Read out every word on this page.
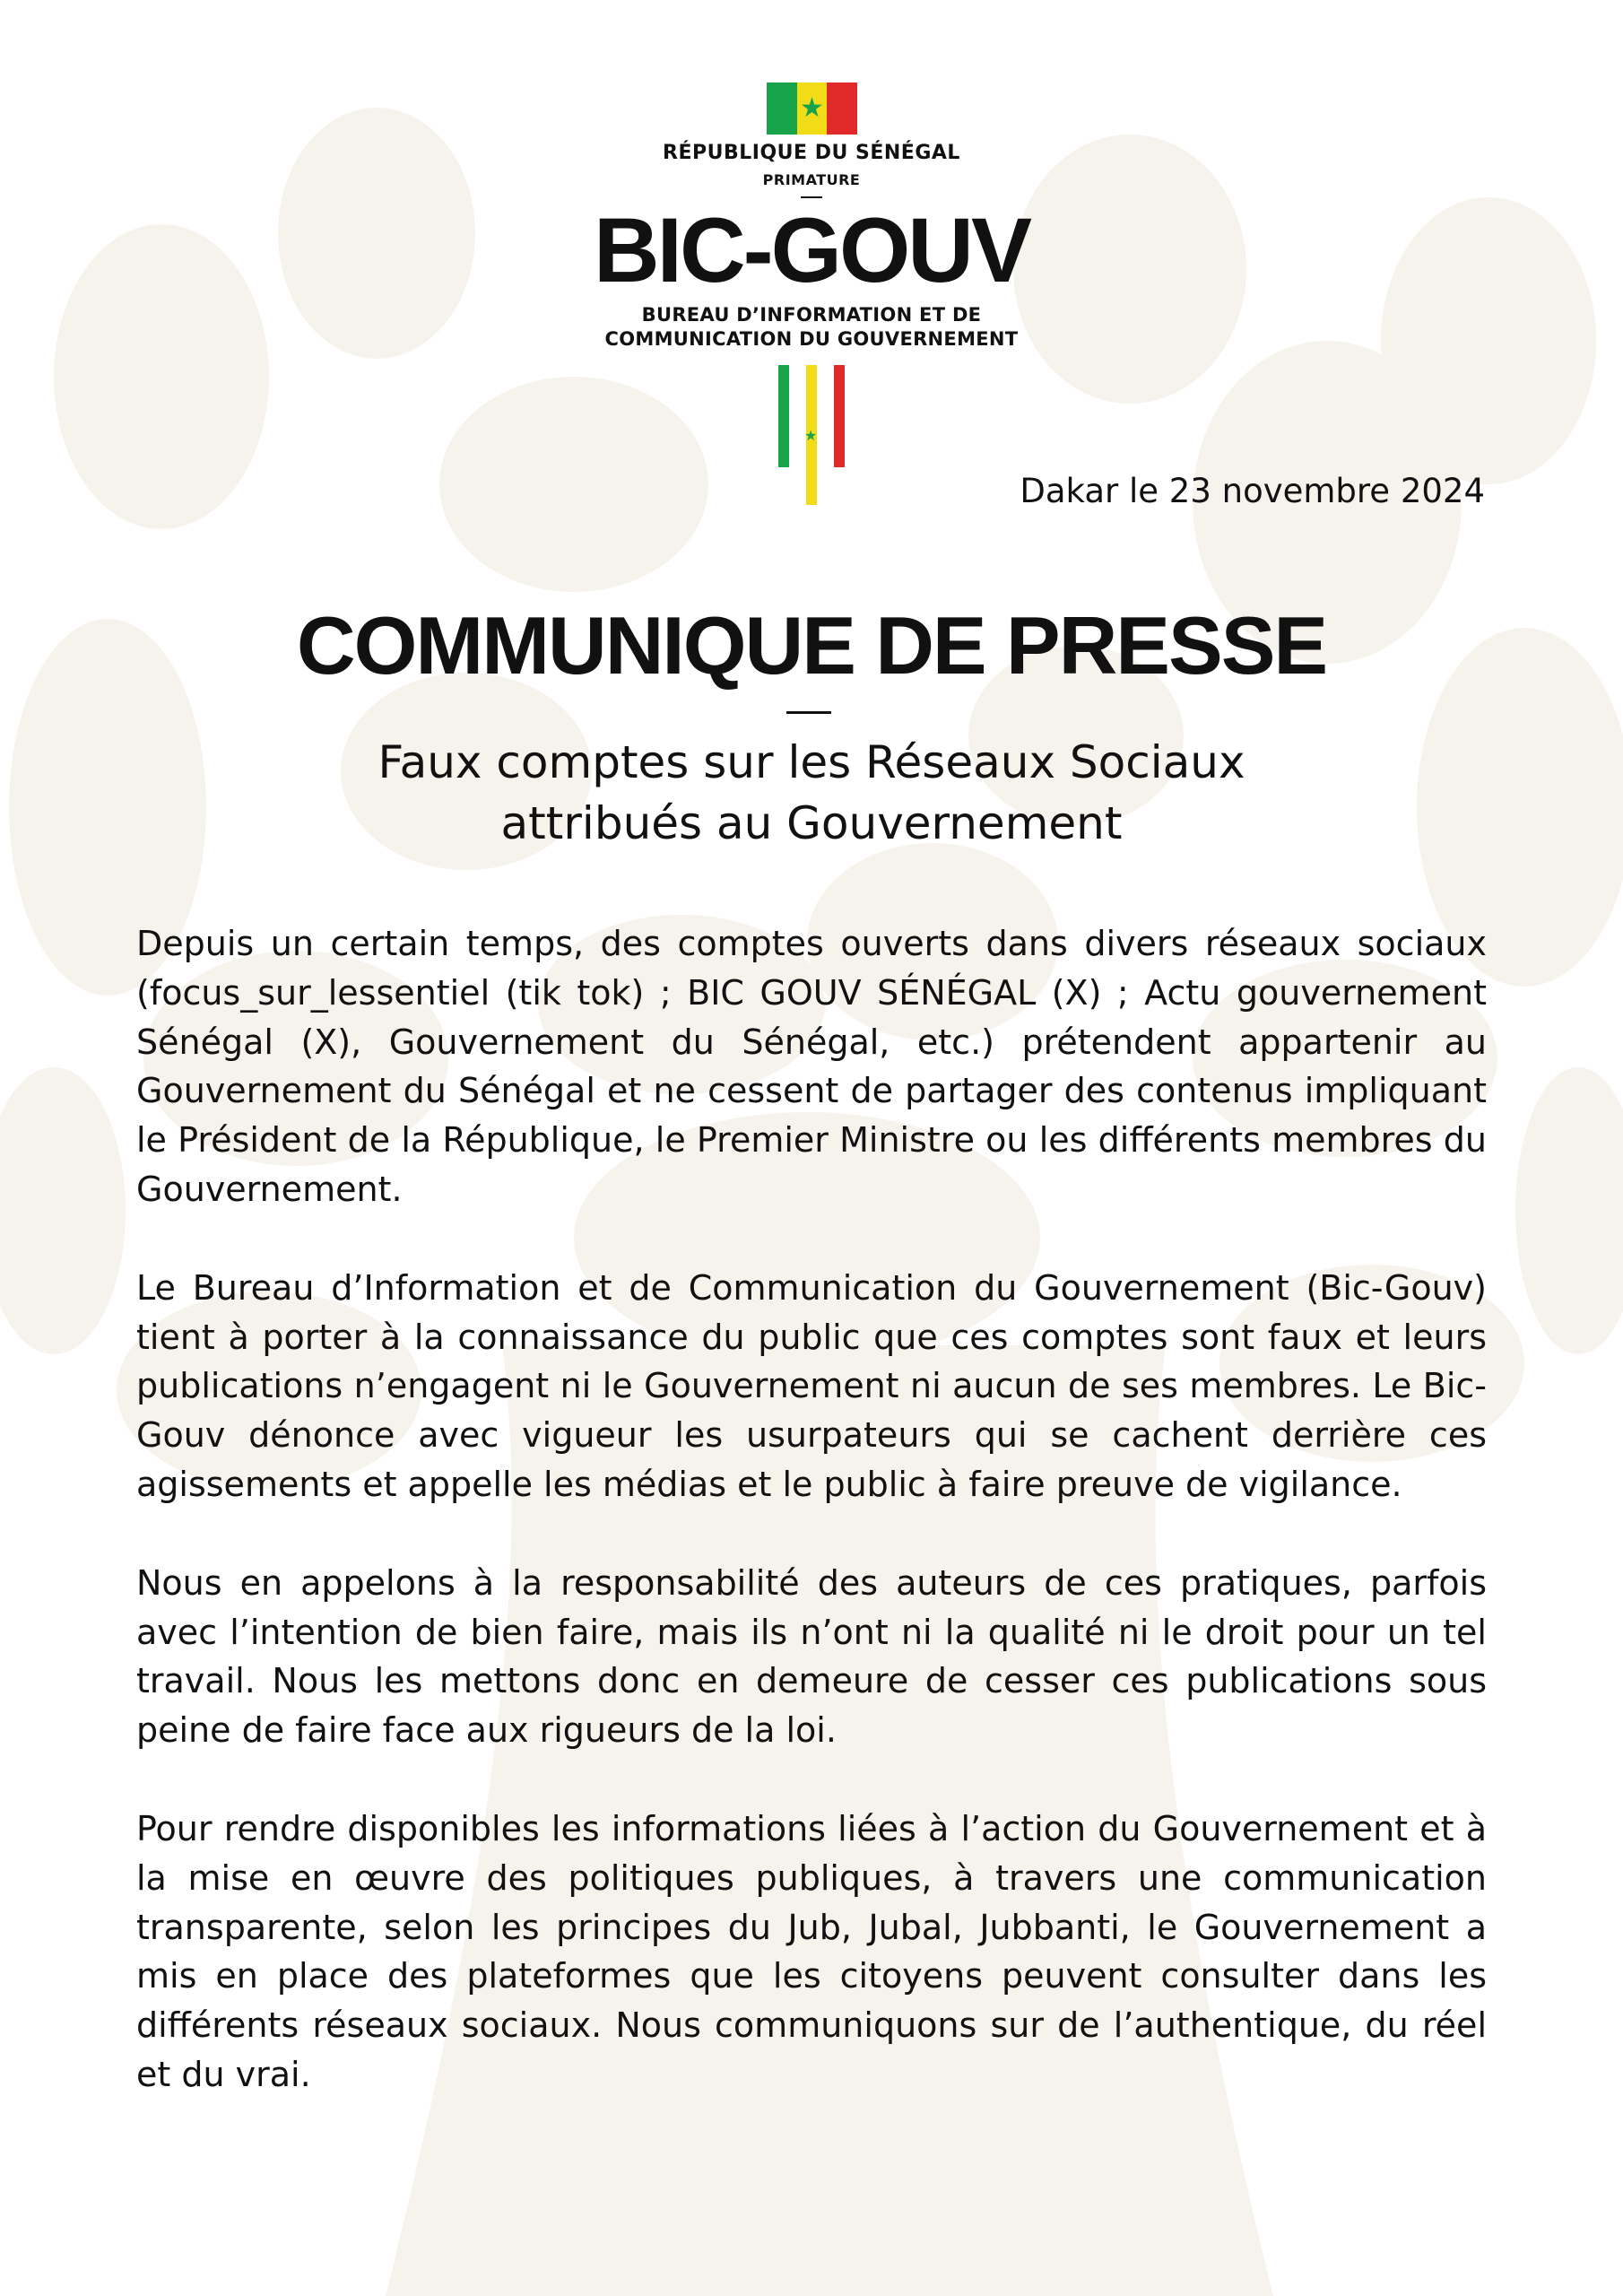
★
RÉPUBLIQUE DU SÉNÉGAL
PRIMATURE
BIC-GOUV
BUREAU D’INFORMATION ET DE
COMMUNICATION DU GOUVERNEMENT
★
Dakar le 23 novembre 2024
COMMUNIQUE DE PRESSE
Faux comptes sur les Réseaux Sociaux
attribués au Gouvernement

Depuis un certain temps, des comptes ouverts dans divers réseaux sociaux (focus_sur_lessentiel (tik tok) ; BIC GOUV SÉNÉGAL (X) ; Actu gouvernement Sénégal (X), Gouvernement du Sénégal, etc.) prétendent appartenir au Gouvernement du Sénégal et ne cessent de partager des contenus impliquant le Président de la République, le Premier Ministre ou les différents membres du Gouvernement.

Le Bureau d’Information et de Communication du Gouvernement (Bic-Gouv) tient à porter à la connaissance du public que ces comptes sont faux et leurs publications n’engagent ni le Gouvernement ni aucun de ses membres. Le Bic-Gouv dénonce avec vigueur les usurpateurs qui se cachent derrière ces agissements et appelle les médias et le public à faire preuve de vigilance.

Nous en appelons à la responsabilité des auteurs de ces pratiques, parfois avec l’intention de bien faire, mais ils n’ont ni la qualité ni le droit pour un tel travail. Nous les mettons donc en demeure de cesser ces publications sous peine de faire face aux rigueurs de la loi.

Pour rendre disponibles les informations liées à l’action du Gouvernement et à la mise en œuvre des politiques publiques, à travers une communication transparente, selon les principes du Jub, Jubal, Jubbanti, le Gouvernement a mis en place des plateformes que les citoyens peuvent consulter dans les différents réseaux sociaux. Nous communiquons sur de l’authentique, du réel et du vrai.
